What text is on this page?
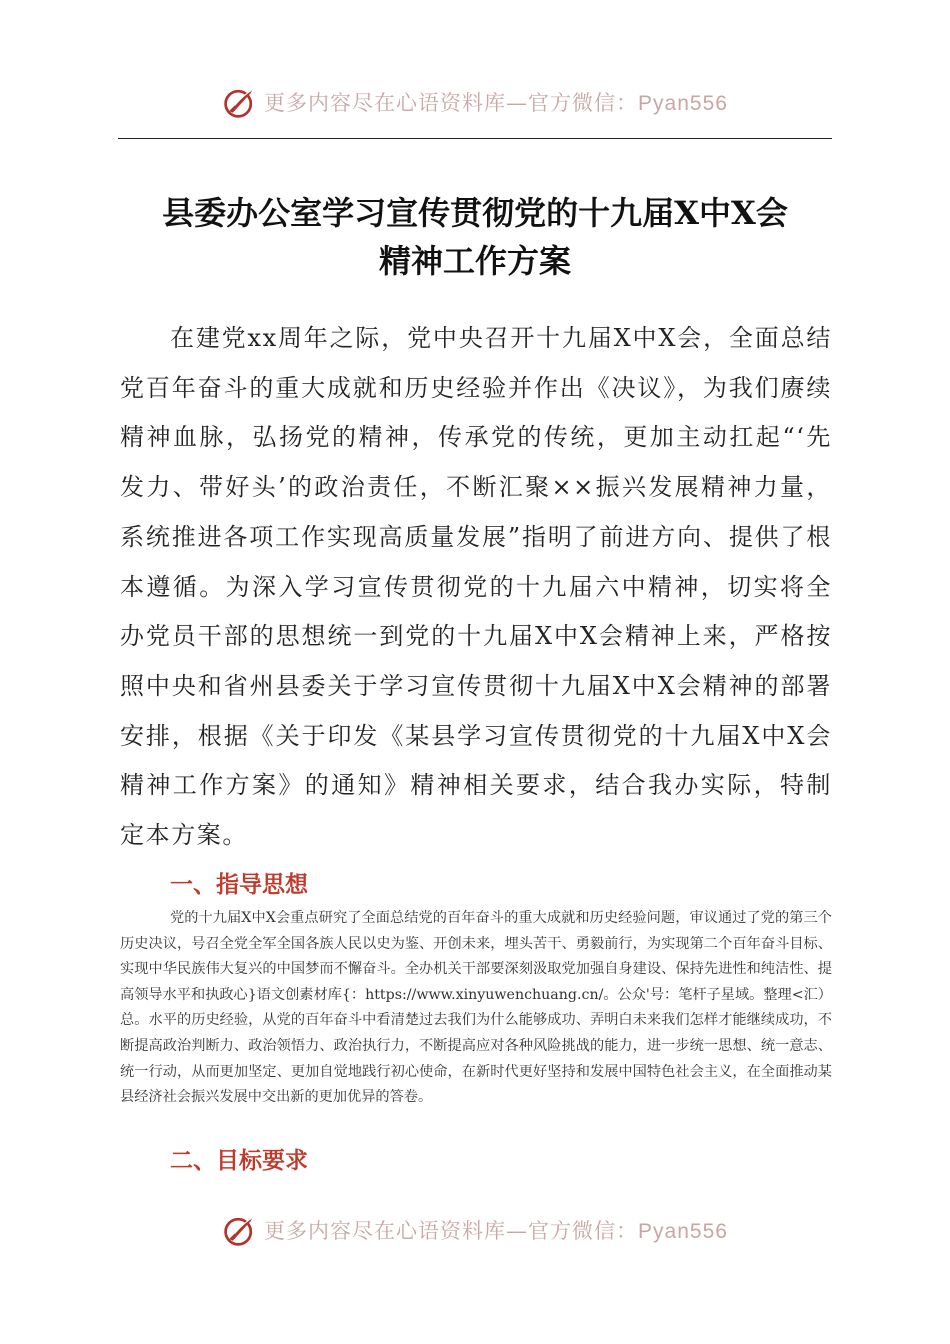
更多内容尽在心语资料库—官方微信：Pyan556
县委办公室学习宣传贯彻党的十九届Ⅹ中Ⅹ会
精神工作方案

在建党xx周年之际，党中央召开十九届X中X会，全面总结党百年奋斗的重大成就和历史经验并作出《决议》，为我们赓续精神血脉，弘扬党的精神，传承党的传统，更加主动扛起“‘先发力、带好头’的政治责任，不断汇聚××振兴发展精神力量，系统推进各项工作实现高质量发展”指明了前进方向、提供了根本遵循。为深入学习宣传贯彻党的十九届六中精神，切实将全办党员干部的思想统一到党的十九届X中X会精神上来，严格按照中央和省州县委关于学习宣传贯彻十九届X中X会精神的部署安排，根据《关于印发《某县学习宣传贯彻党的十九届X中X会精神工作方案》的通知》精神相关要求，结合我办实际，特制定本方案。

一、指导思想

党的十九届X中X会重点研究了全面总结党的百年奋斗的重大成就和历史经验问题，审议通过了党的第三个历史决议，号召全党全军全国各族人民以史为鉴、开创未来，埋头苦干、勇毅前行，为实现第二个百年奋斗目标、实现中华民族伟大复兴的中国梦而不懈奋斗。全办机关干部要深刻汲取党加强自身建设、保持先进性和纯洁性、提高领导水平和执政心}语文创素材库{：https://www.xinyuwenchuang.cn/。公众'号：笔杆子星域。整理<汇）总。水平的历史经验，从党的百年奋斗中看清楚过去我们为什么能够成功、弄明白未来我们怎样才能继续成功，不断提高政治判断力、政治领悟力、政治执行力，不断提高应对各种风险挑战的能力，进一步统一思想、统一意志、统一行动，从而更加坚定、更加自觉地践行初心使命，在新时代更好坚持和发展中国特色社会主义，在全面推动某县经济社会振兴发展中交出新的更加优异的答卷。

二、目标要求
更多内容尽在心语资料库—官方微信：Pyan556
